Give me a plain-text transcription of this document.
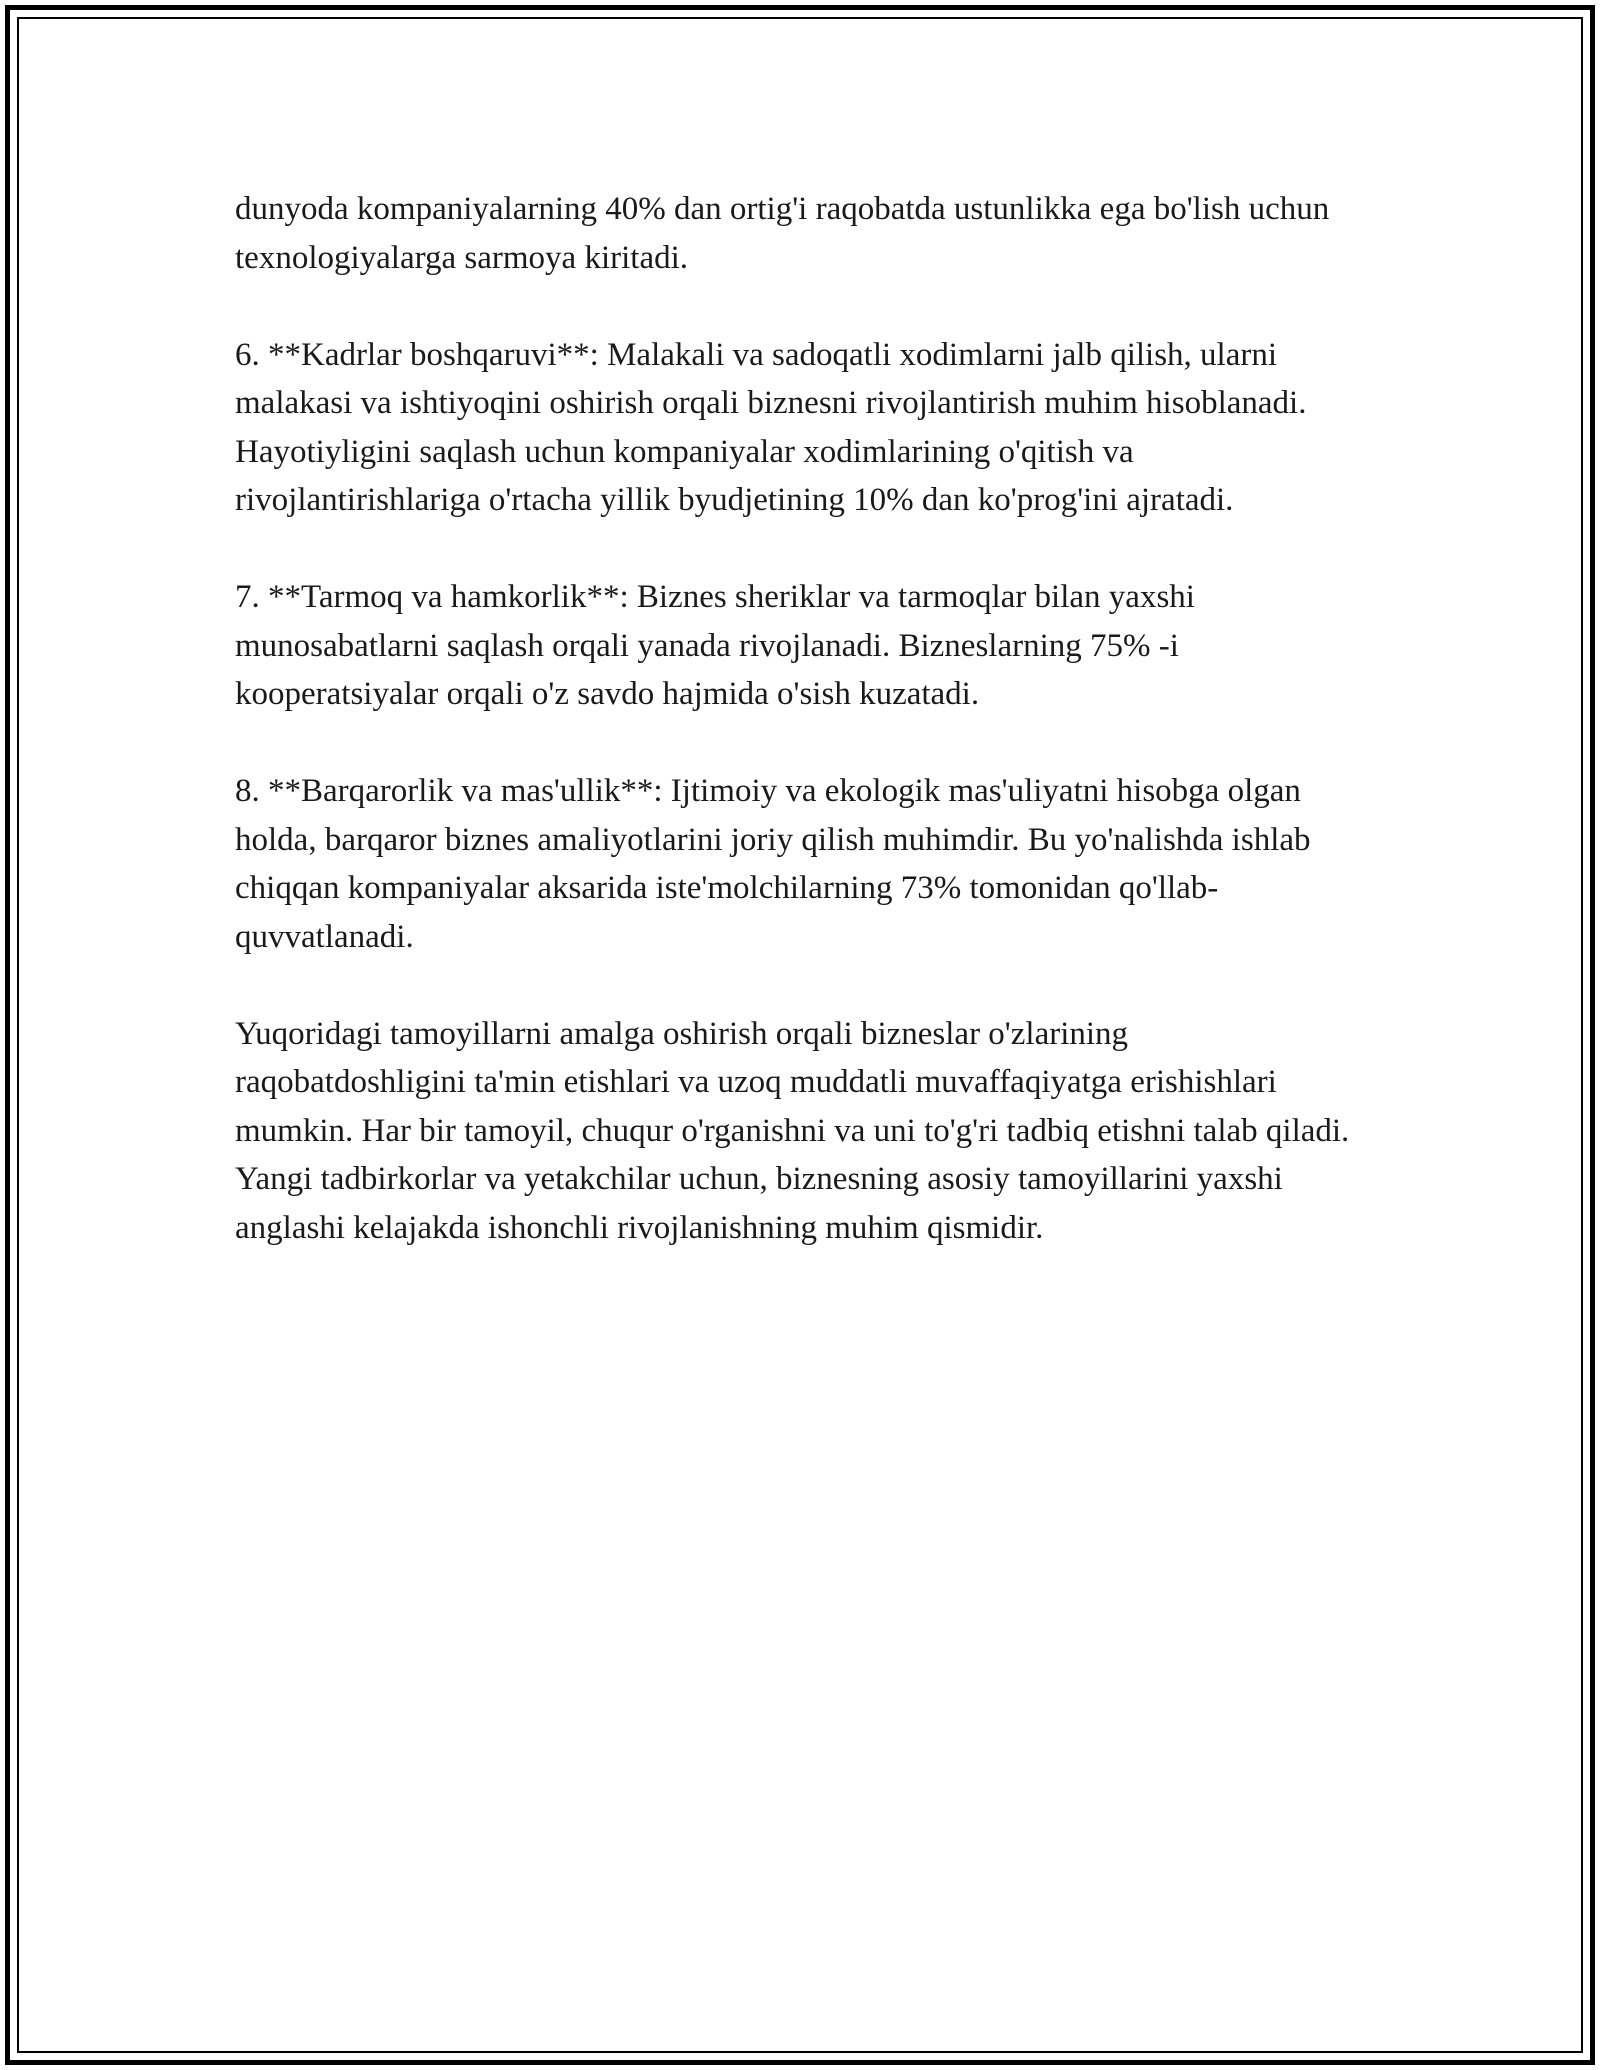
dunyoda kompaniyalarning 40% dan ortig'i raqobatda ustunlikka ega bo'lish uchun texnologiyalarga sarmoya kiritadi.

6. **Kadrlar boshqaruvi**: Malakali va sadoqatli xodimlarni jalb qilish, ularni malakasi va ishtiyoqini oshirish orqali biznesni rivojlantirish muhim hisoblanadi. Hayotiyligini saqlash uchun kompaniyalar xodimlarining o'qitish va rivojlantirishlariga o'rtacha yillik byudjetining 10% dan ko'prog'ini ajratadi.

7. **Tarmoq va hamkorlik**: Biznes sheriklar va tarmoqlar bilan yaxshi munosabatlarni saqlash orqali yanada rivojlanadi. Bizneslarning 75% -i kooperatsiyalar orqali o'z savdo hajmida o'sish kuzatadi.

8. **Barqarorlik va mas'ullik**: Ijtimoiy va ekologik mas'uliyatni hisobga olgan holda, barqaror biznes amaliyotlarini joriy qilish muhimdir. Bu yo'nalishda ishlab chiqqan kompaniyalar aksarida iste'molchilarning 73% tomonidan qo'llab-quvvatlanadi.

Yuqoridagi tamoyillarni amalga oshirish orqali bizneslar o'zlarining raqobatdoshligini ta'min etishlari va uzoq muddatli muvaffaqiyatga erishishlari mumkin. Har bir tamoyil, chuqur o'rganishni va uni to'g'ri tadbiq etishni talab qiladi. Yangi tadbirkorlar va yetakchilar uchun, biznesning asosiy tamoyillarini yaxshi anglashi kelajakda ishonchli rivojlanishning muhim qismidir.
